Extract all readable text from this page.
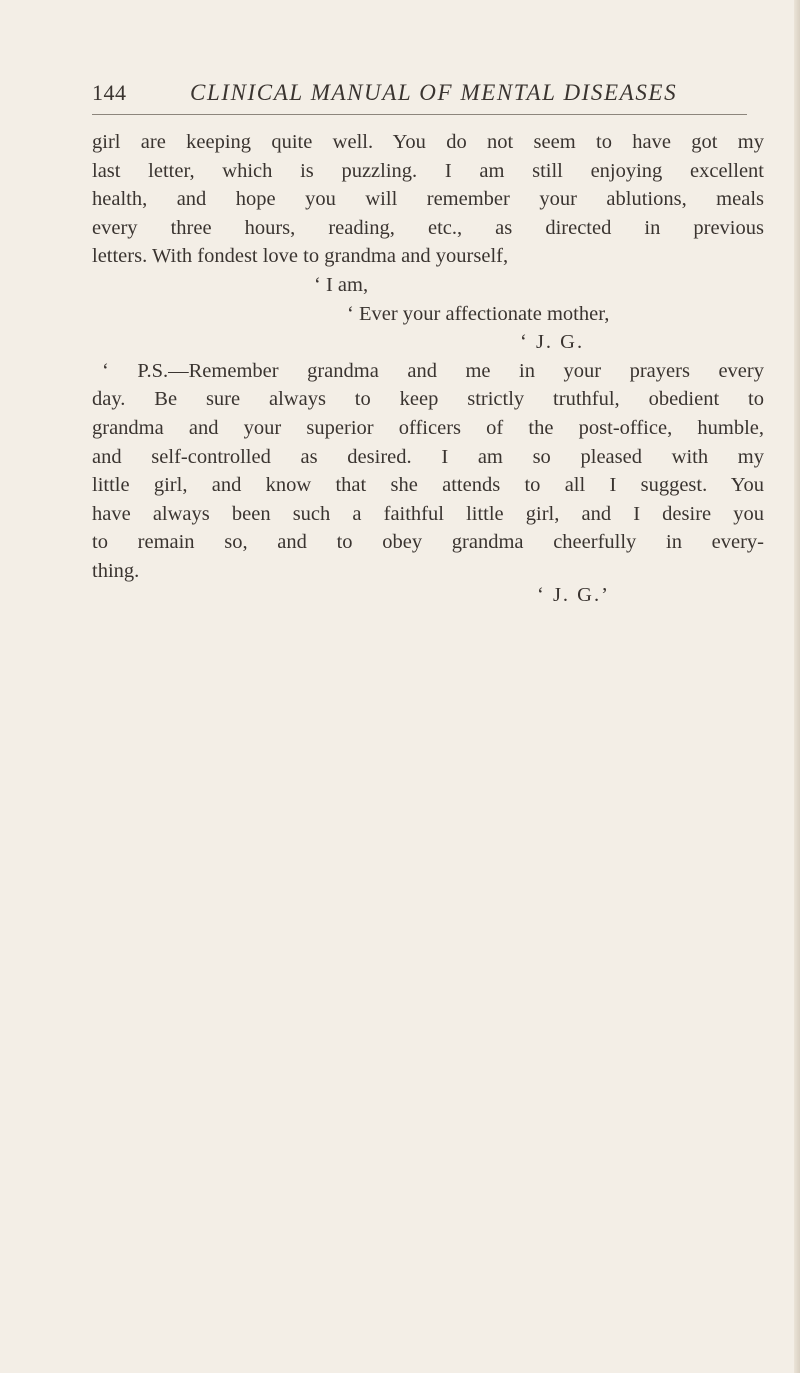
144	CLINICAL MANUAL OF MENTAL DISEASES
girl are keeping quite well. You do not seem to have got my
last letter, which is puzzling. I am still enjoying excellent
health, and hope you will remember your ablutions, meals
every three hours, reading, etc., as directed in previous
letters. With fondest love to grandma and yourself,
‘ I am,
‘ Ever your affectionate mother,
‘ J. G.
‘ P.S.—Remember grandma and me in your prayers every
day. Be sure always to keep strictly truthful, obedient to
grandma and your superior officers of the post-office, humble,
and self-controlled as desired. I am so pleased with my
little girl, and know that she attends to all I suggest. You
have always been such a faithful little girl, and I desire you
to remain so, and to obey grandma cheerfully in every-
thing.
‘ J. G.’
